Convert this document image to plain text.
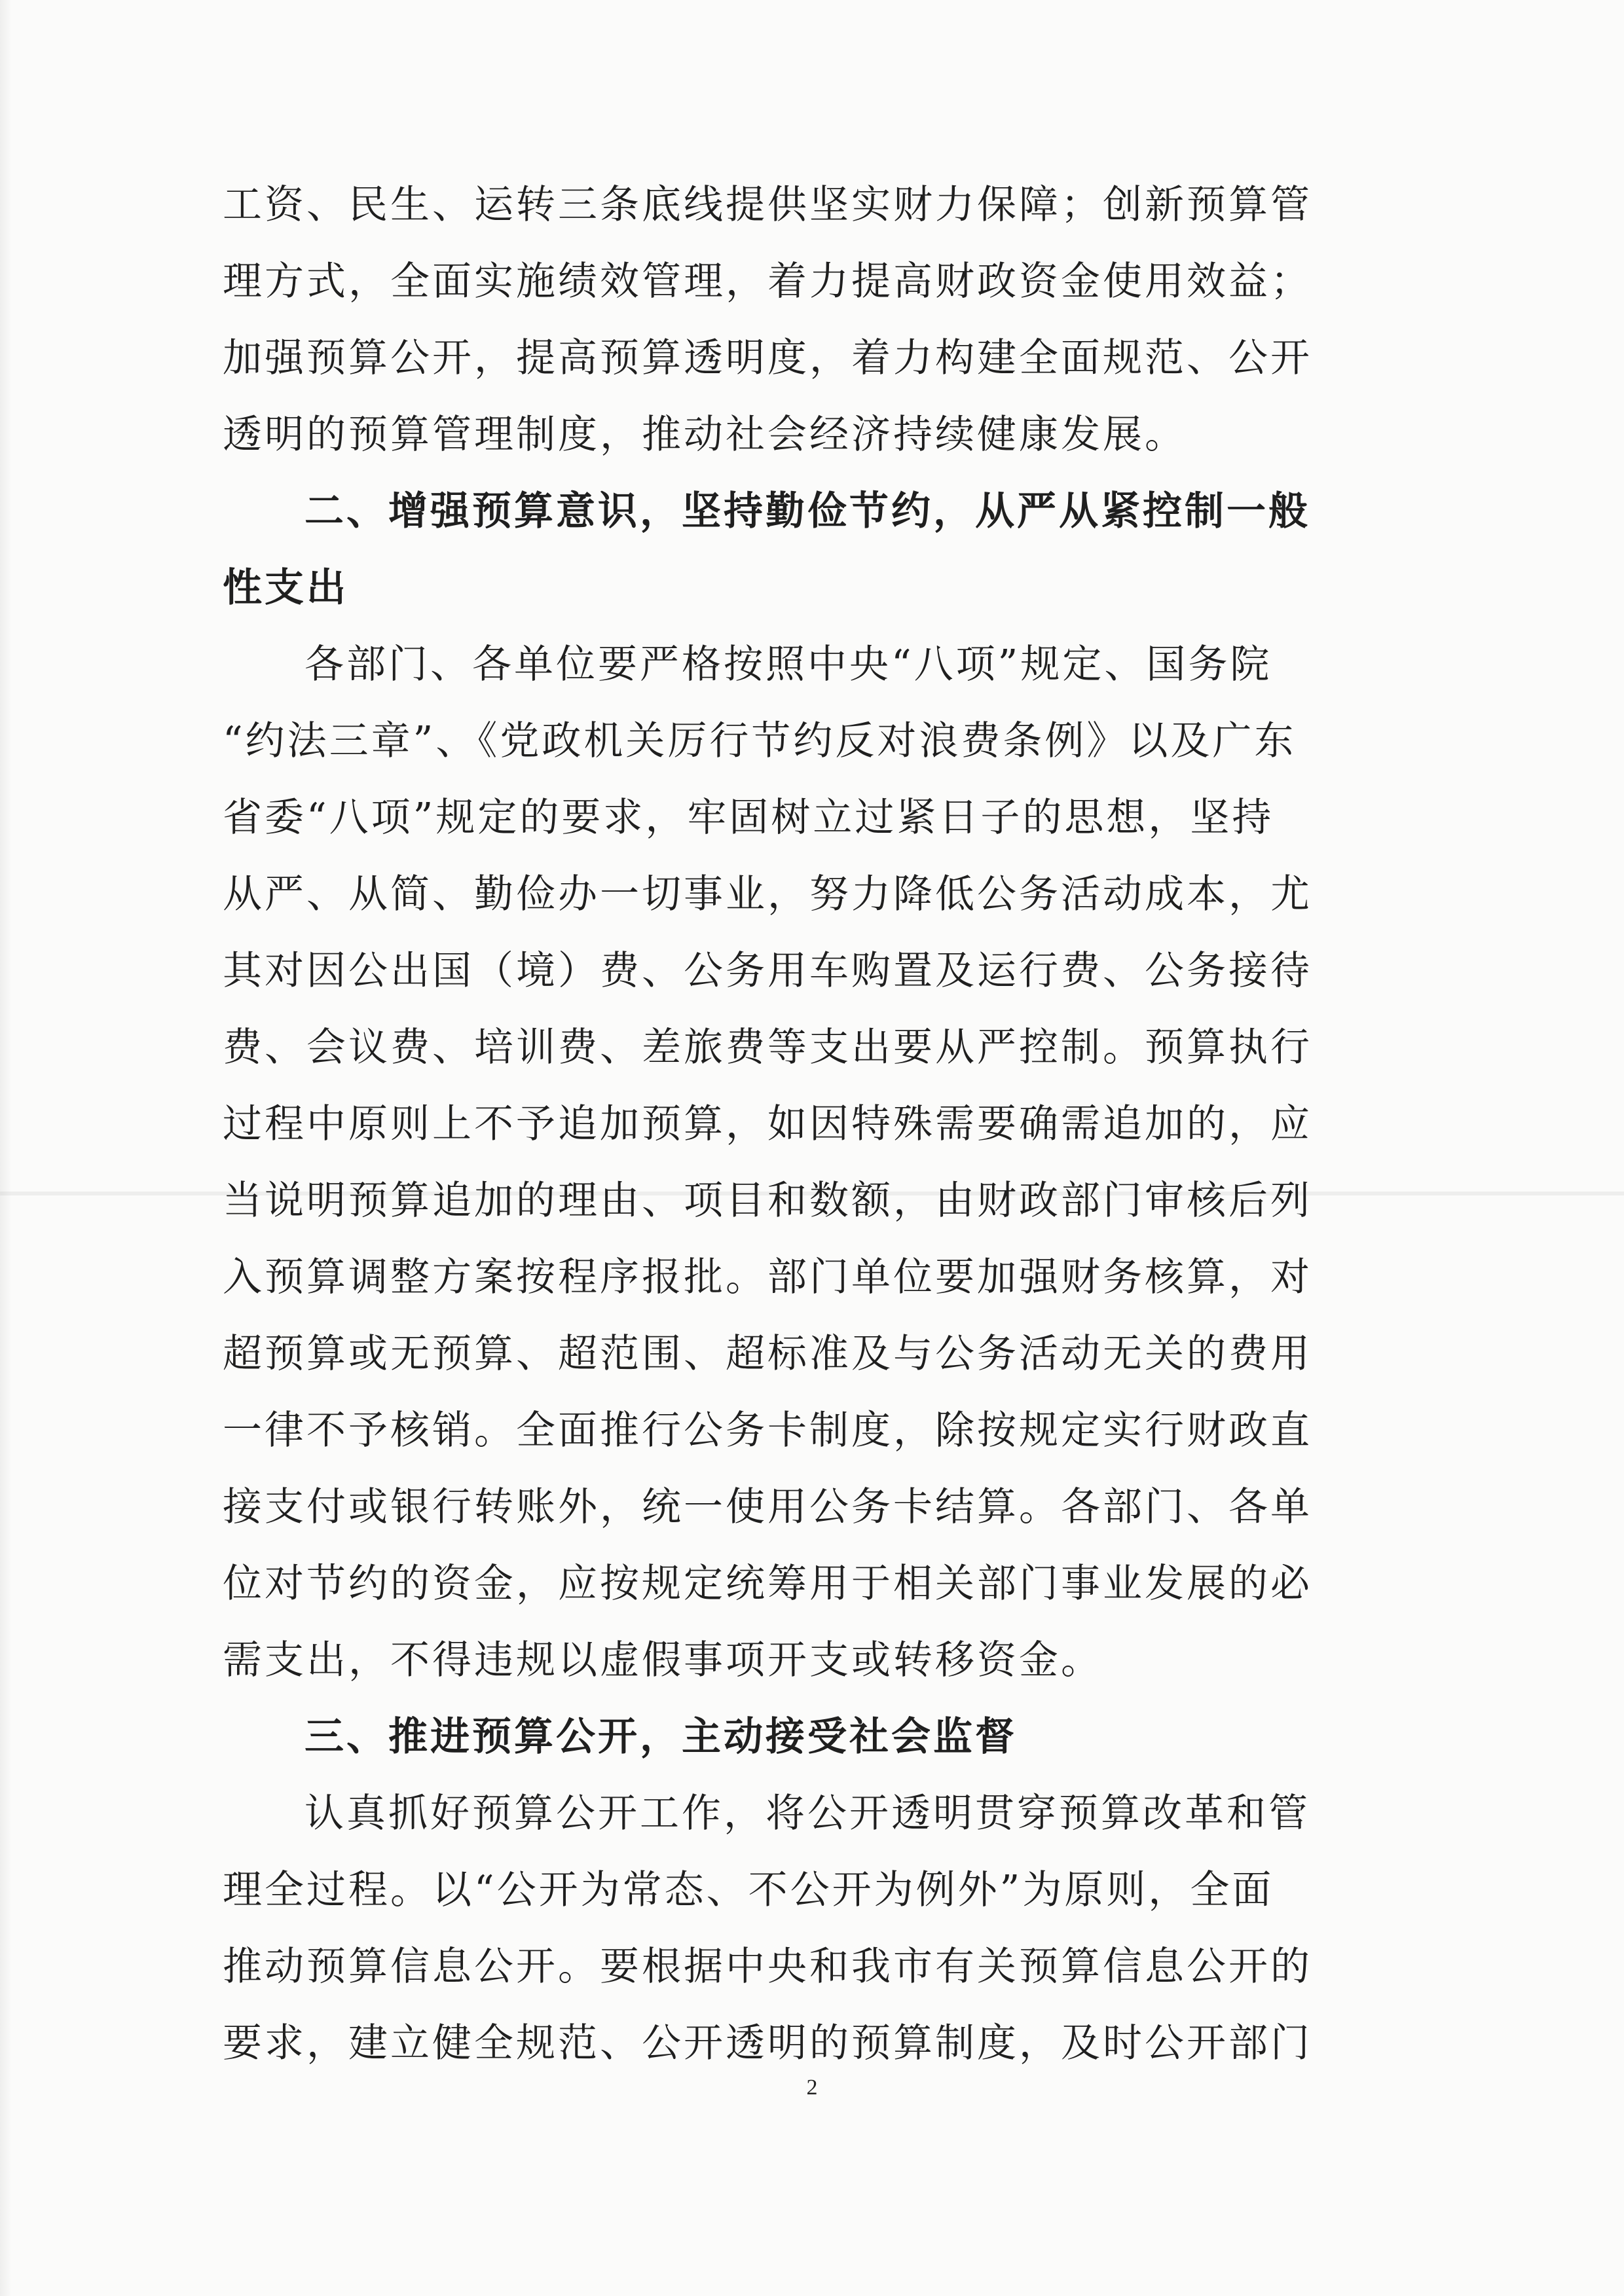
工资、民生、运转三条底线提供坚实财力保障；创新预算管
理方式，全面实施绩效管理，着力提高财政资金使用效益；
加强预算公开，提高预算透明度，着力构建全面规范、公开
透明的预算管理制度，推动社会经济持续健康发展。
二、增强预算意识，坚持勤俭节约，从严从紧控制一般
性支出
各部门、各单位要严格按照中央“八项”规定、国务院
“约法三章”、《党政机关厉行节约反对浪费条例》以及广东
省委“八项”规定的要求，牢固树立过紧日子的思想，坚持
从严、从简、勤俭办一切事业，努力降低公务活动成本，尤
其对因公出国（境）费、公务用车购置及运行费、公务接待
费、会议费、培训费、差旅费等支出要从严控制。预算执行
过程中原则上不予追加预算，如因特殊需要确需追加的，应
当说明预算追加的理由、项目和数额，由财政部门审核后列
入预算调整方案按程序报批。部门单位要加强财务核算，对
超预算或无预算、超范围、超标准及与公务活动无关的费用
一律不予核销。全面推行公务卡制度，除按规定实行财政直
接支付或银行转账外，统一使用公务卡结算。各部门、各单
位对节约的资金，应按规定统筹用于相关部门事业发展的必
需支出，不得违规以虚假事项开支或转移资金。
三、推进预算公开，主动接受社会监督
认真抓好预算公开工作，将公开透明贯穿预算改革和管
理全过程。以“公开为常态、不公开为例外”为原则，全面
推动预算信息公开。要根据中央和我市有关预算信息公开的
要求，建立健全规范、公开透明的预算制度，及时公开部门
2
